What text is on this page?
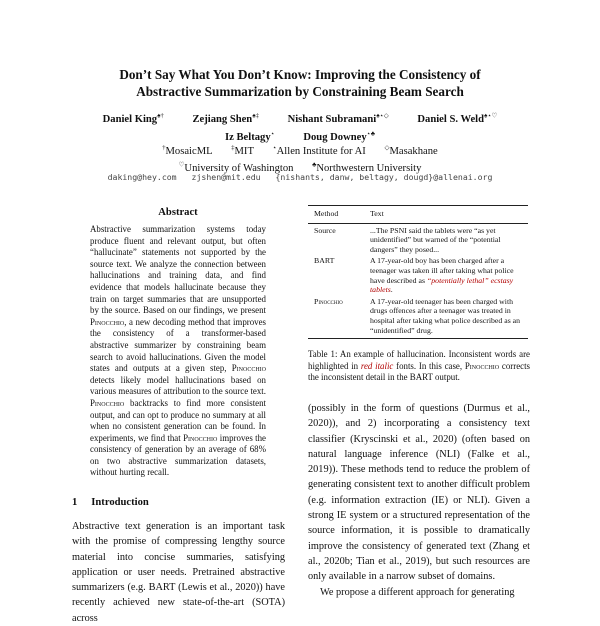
Don’t Say What You Don’t Know: Improving the Consistency of
Abstractive Summarization by Constraining Beam Search
Daniel King♠†	Zejiang Shen♠‡	Nishant Subramani♠⋆◇	Daniel S. Weld♠⋆♡
Iz Beltagy⋆	Doug Downey⋆♣
†MosaicML	‡MIT	⋆Allen Institute for AI	◇Masakhane
♡University of Washington	♣Northwestern University
daking@hey.com zjshen@mit.edu {nishants, danw, beltagy, dougd}@allenai.org
Abstract
Abstractive summarization systems today produce fluent and relevant output, but often “hallucinate” statements not supported by the source text. We analyze the connection between hallucinations and training data, and find evidence that models hallucinate because they train on target summaries that are unsupported by the source. Based on our findings, we present Pinocchio, a new decoding method that improves the consistency of a transformer-based abstractive summarizer by constraining beam search to avoid hallucinations. Given the model states and outputs at a given step, Pinocchio detects likely model hallucinations based on various measures of attribution to the source text. Pinocchio backtracks to find more consistent output, and can opt to produce no summary at all when no consistent generation can be found. In experiments, we find that Pinocchio improves the consistency of generation by an average of 68% on two abstractive summarization datasets, without hurting recall.
1 Introduction
Abstractive text generation is an important task with the promise of compressing lengthy source material into concise summaries, satisfying application or user needs. Pretrained abstractive summarizers (e.g. BART (Lewis et al., 2020)) have recently achieved new state-of-the-art (SOTA) across
Method	Text
Source	...The PSNI said the tablets were “as yet unidentified” but warned of the “potential dangers” they posed...
BART	A 17-year-old boy has been charged after a teenager was taken ill after taking what police have described as “potentially lethal” ecstasy tablets.
Pinocchio	A 17-year-old teenager has been charged with drugs offences after a teenager was treated in hospital after taking what police described as an “unidentified” drug.
Table 1: An example of hallucination. Inconsistent words are highlighted in red italic fonts. In this case, Pinocchio corrects the inconsistent detail in the BART output.
(possibly in the form of questions (Durmus et al., 2020)), and 2) incorporating a consistency text classifier (Kryscinski et al., 2020) (often based on natural language inference (NLI) (Falke et al., 2019)). These methods tend to reduce the problem of generating consistent text to another difficult problem (e.g. information extraction (IE) or NLI). Given a strong IE system or a structured representation of the source information, it is possible to dramatically improve the consistency of generated text (Zhang et al., 2020b; Tian et al., 2019), but such resources are only available in a narrow subset of domains.
We propose a different approach for generating
